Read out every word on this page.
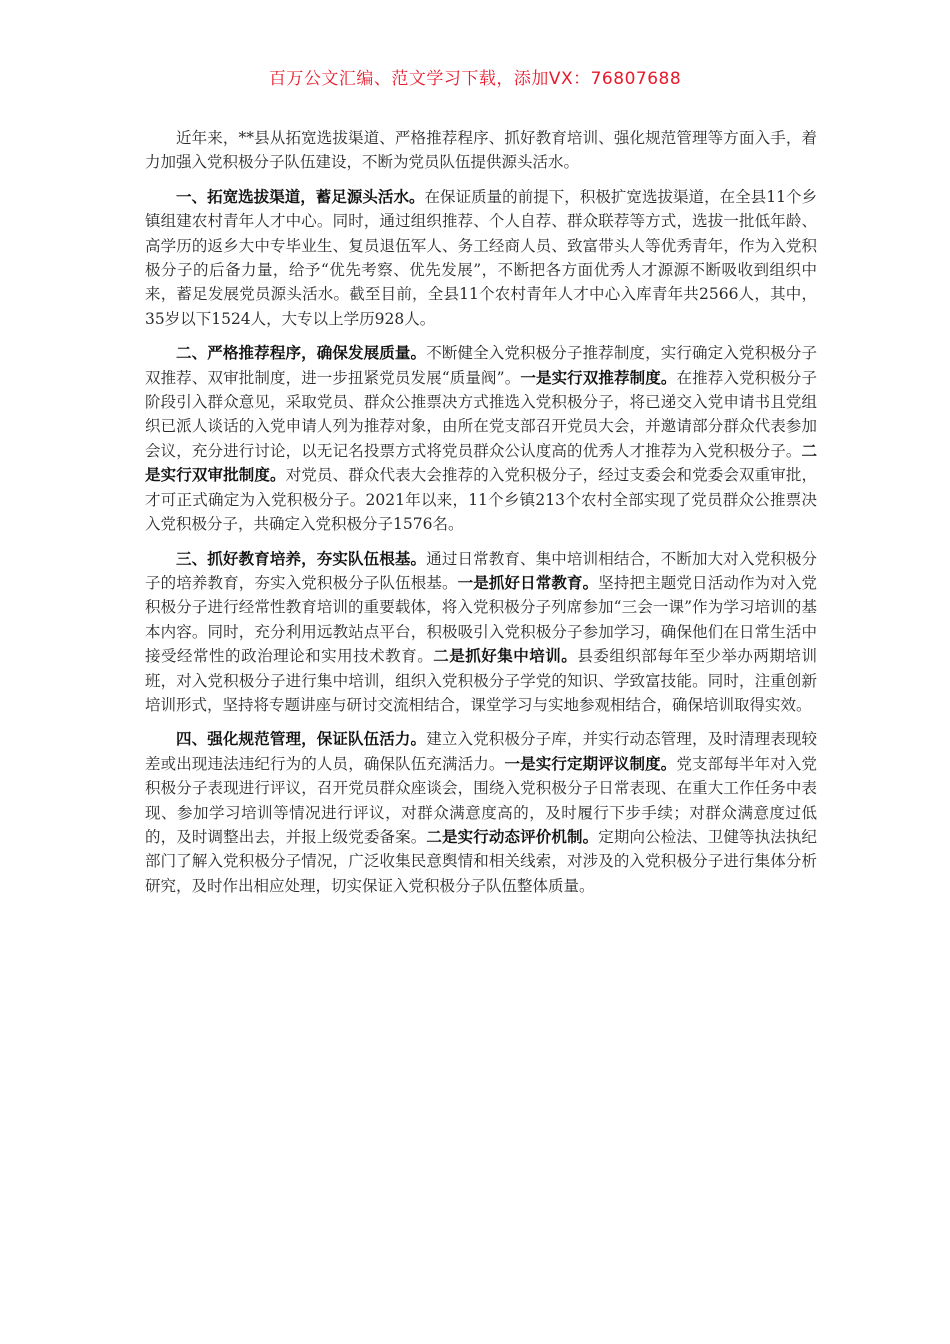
百万公文汇编、范文学习下载，添加VX：76807688

近年来，**县从拓宽选拔渠道、严格推荐程序、抓好教育培训、强化规范管理等方面入手，着力加强入党积极分子队伍建设，不断为党员队伍提供源头活水。

一、拓宽选拔渠道，蓄足源头活水。在保证质量的前提下，积极扩宽选拔渠道，在全县11个乡镇组建农村青年人才中心。同时，通过组织推荐、个人自荐、群众联荐等方式，选拔一批低年龄、高学历的返乡大中专毕业生、复员退伍军人、务工经商人员、致富带头人等优秀青年，作为入党积极分子的后备力量，给予“优先考察、优先发展”，不断把各方面优秀人才源源不断吸收到组织中来，蓄足发展党员源头活水。截至目前，全县11个农村青年人才中心入库青年共2566人，其中，35岁以下1524人，大专以上学历928人。

二、严格推荐程序，确保发展质量。不断健全入党积极分子推荐制度，实行确定入党积极分子双推荐、双审批制度，进一步扭紧党员发展“质量阀”。一是实行双推荐制度。在推荐入党积极分子阶段引入群众意见，采取党员、群众公推票决方式推选入党积极分子，将已递交入党申请书且党组织已派人谈话的入党申请人列为推荐对象，由所在党支部召开党员大会，并邀请部分群众代表参加会议，充分进行讨论，以无记名投票方式将党员群众公认度高的优秀人才推荐为入党积极分子。二是实行双审批制度。对党员、群众代表大会推荐的入党积极分子，经过支委会和党委会双重审批，才可正式确定为入党积极分子。2021年以来，11个乡镇213个农村全部实现了党员群众公推票决入党积极分子，共确定入党积极分子1576名。

三、抓好教育培养，夯实队伍根基。通过日常教育、集中培训相结合，不断加大对入党积极分子的培养教育，夯实入党积极分子队伍根基。一是抓好日常教育。坚持把主题党日活动作为对入党积极分子进行经常性教育培训的重要载体，将入党积极分子列席参加“三会一课”作为学习培训的基本内容。同时，充分利用远教站点平台，积极吸引入党积极分子参加学习，确保他们在日常生活中接受经常性的政治理论和实用技术教育。二是抓好集中培训。县委组织部每年至少举办两期培训班，对入党积极分子进行集中培训，组织入党积极分子学党的知识、学致富技能。同时，注重创新培训形式，坚持将专题讲座与研讨交流相结合，课堂学习与实地参观相结合，确保培训取得实效。

四、强化规范管理，保证队伍活力。建立入党积极分子库，并实行动态管理，及时清理表现较差或出现违法违纪行为的人员，确保队伍充满活力。一是实行定期评议制度。党支部每半年对入党积极分子表现进行评议，召开党员群众座谈会，围绕入党积极分子日常表现、在重大工作任务中表现、参加学习培训等情况进行评议，对群众满意度高的，及时履行下步手续；对群众满意度过低的，及时调整出去，并报上级党委备案。二是实行动态评价机制。定期向公检法、卫健等执法执纪部门了解入党积极分子情况，广泛收集民意舆情和相关线索，对涉及的入党积极分子进行集体分析研究，及时作出相应处理，切实保证入党积极分子队伍整体质量。
